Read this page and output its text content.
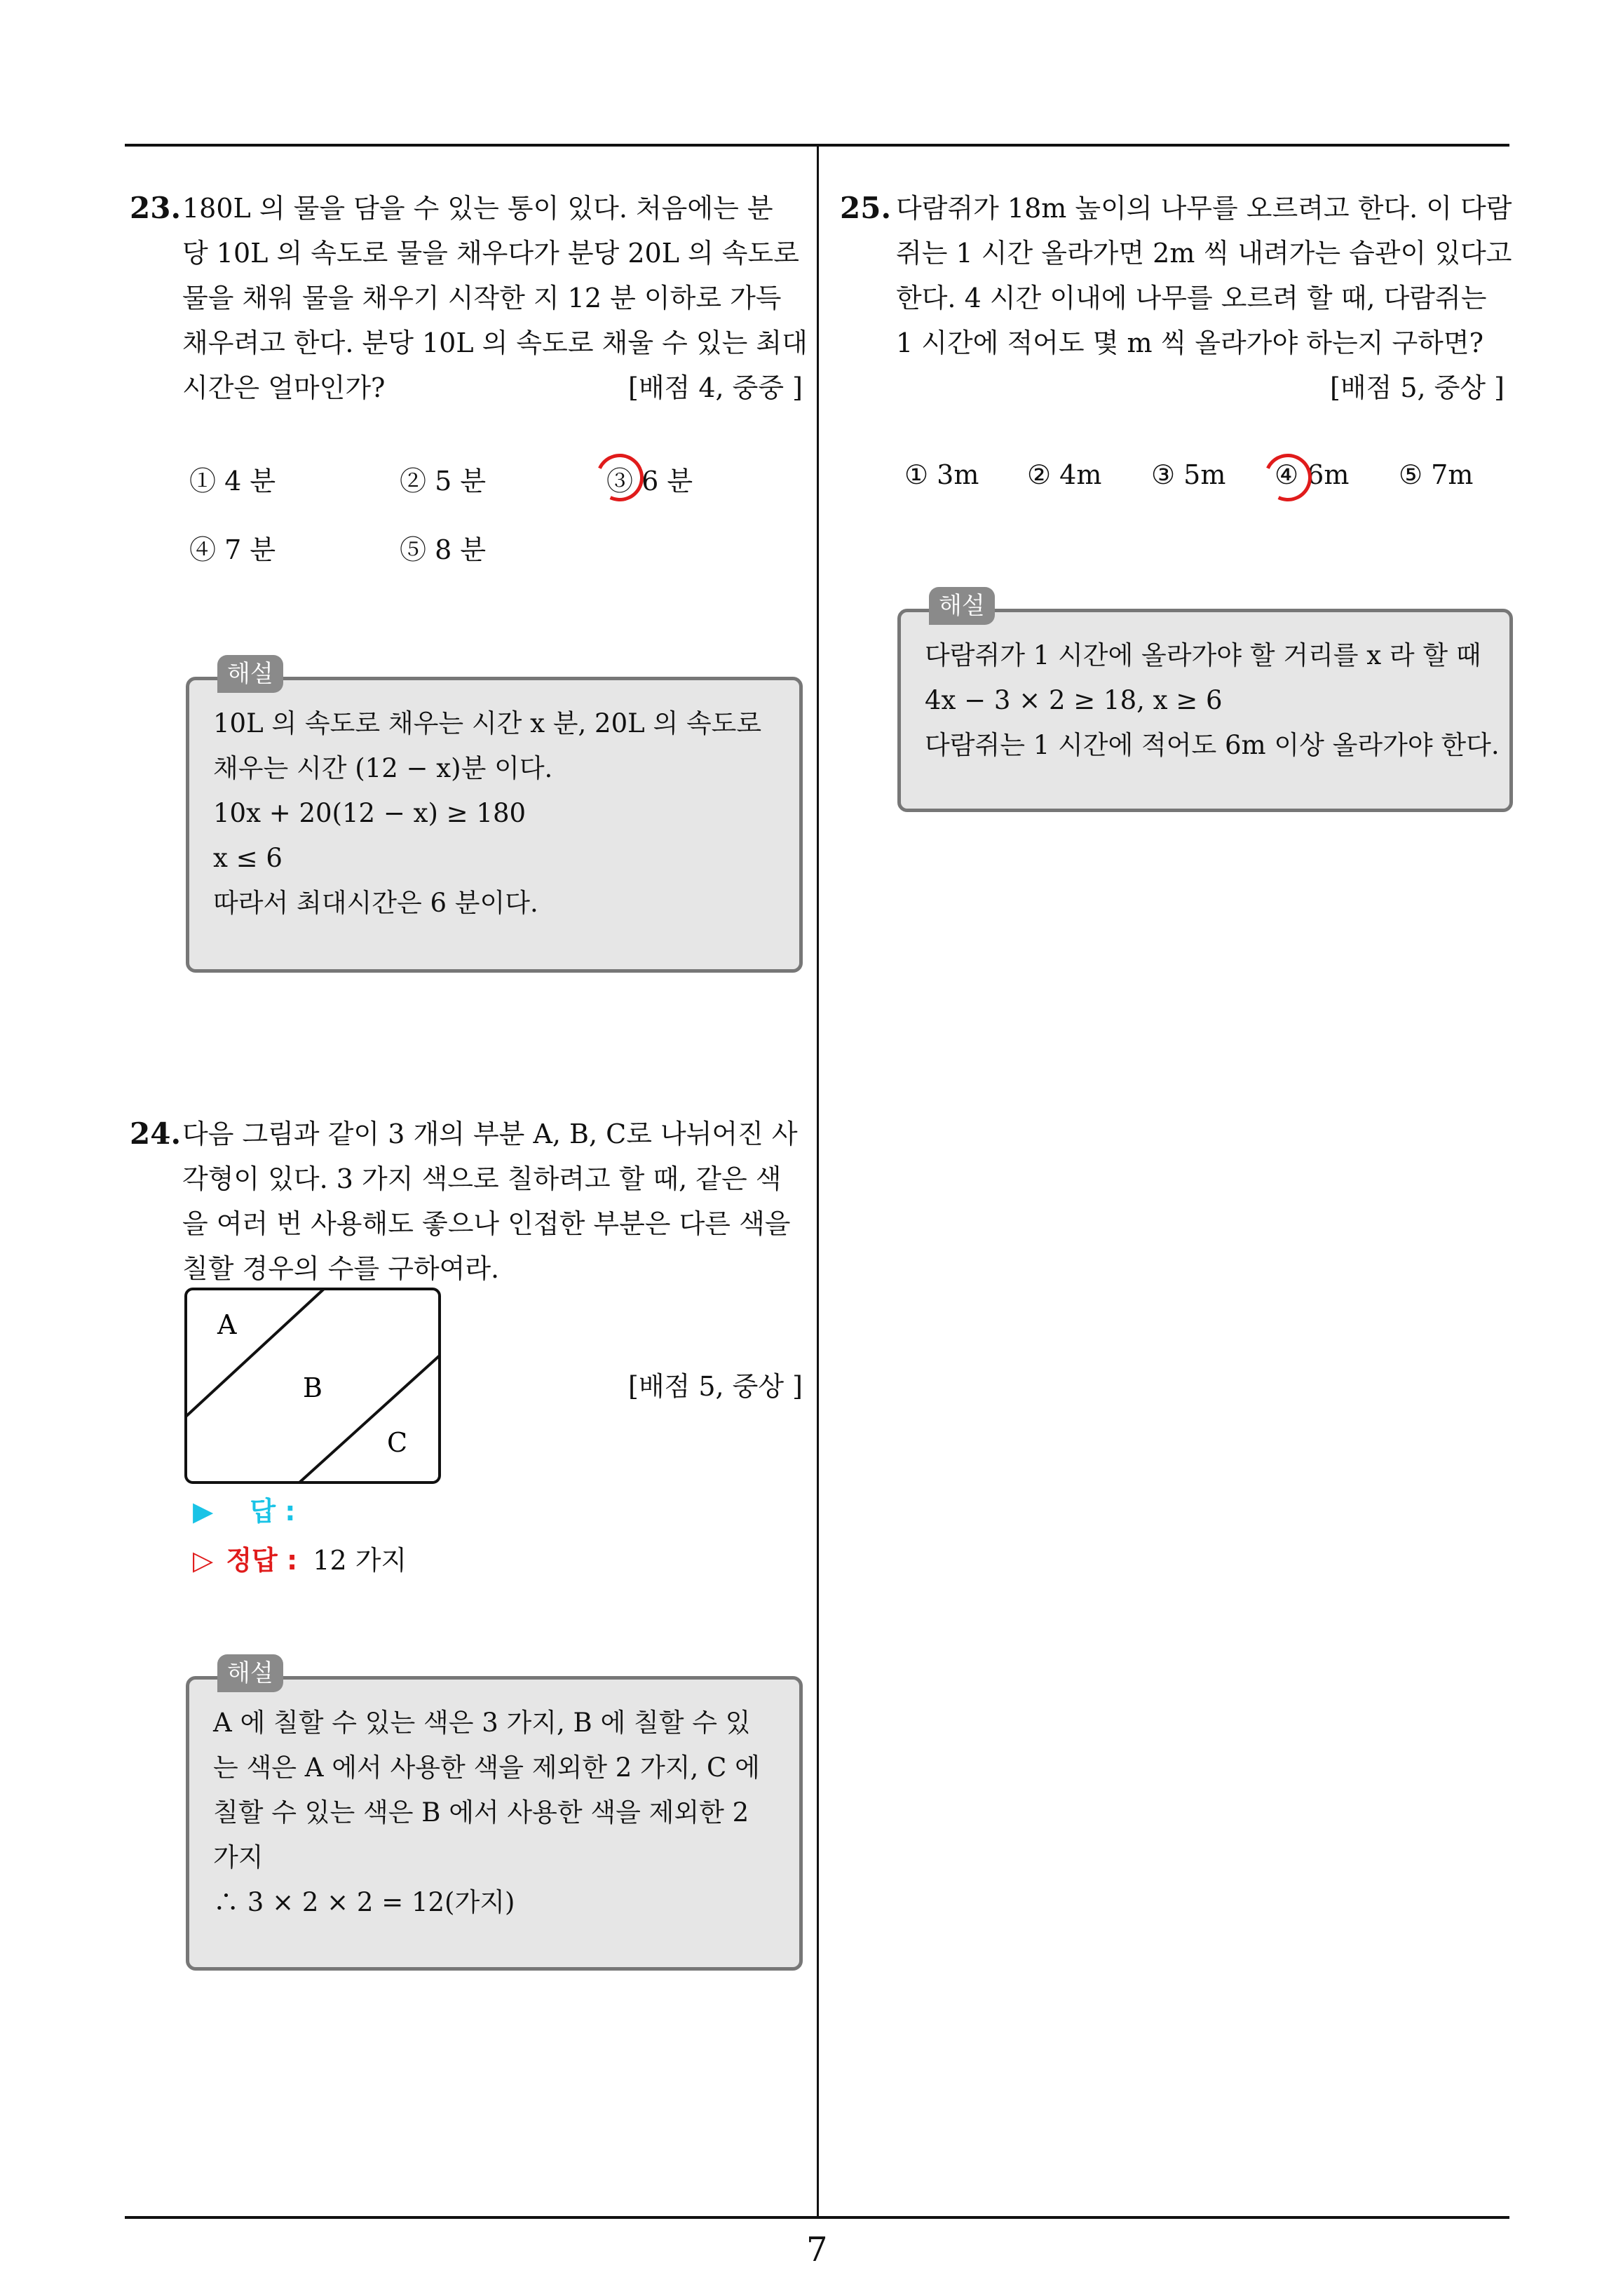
23. 180L 의 물을 담을 수 있는 통이 있다. 처음에는 분
당 10L 의 속도로 물을 채우다가 분당 20L 의 속도로
물을 채워 물을 채우기 시작한 지 12 분 이하로 가득
채우려고 한다. 분당 10L 의 속도로 채울 수 있는 최대
시간은 얼마인가?	[배점 4, 중중 ]
① 4 분	② 5 분	③ 6 분
④ 7 분	⑤ 8 분
해설
10L 의 속도로 채우는 시간 x 분, 20L 의 속도로
채우는 시간 (12 − x)분 이다.
10x + 20(12 − x) ≥ 180
x ≤ 6
따라서 최대시간은 6 분이다.
24. 다음 그림과 같이 3 개의 부분 A, B, C로 나뉘어진 사
각형이 있다. 3 가지 색으로 칠하려고 할 때, 같은 색
을 여러 번 사용해도 좋으나 인접한 부분은 다른 색을
칠할 경우의 수를 구하여라.
A
B
C
[배점 5, 중상 ]
▶ 답 :
▷ 정답 : 12 가지
해설
A 에 칠할 수 있는 색은 3 가지, B 에 칠할 수 있
는 색은 A 에서 사용한 색을 제외한 2 가지, C 에
칠할 수 있는 색은 B 에서 사용한 색을 제외한 2
가지
∴ 3 × 2 × 2 = 12(가지)
25. 다람쥐가 18m 높이의 나무를 오르려고 한다. 이 다람
쥐는 1 시간 올라가면 2m 씩 내려가는 습관이 있다고
한다. 4 시간 이내에 나무를 오르려 할 때, 다람쥐는
1 시간에 적어도 몇 m 씩 올라가야 하는지 구하면?
[배점 5, 중상 ]
① 3m ② 4m ③ 5m ④ 6m ⑤ 7m
해설
다람쥐가 1 시간에 올라가야 할 거리를 x 라 할 때
4x − 3 × 2 ≥ 18, x ≥ 6
다람쥐는 1 시간에 적어도 6m 이상 올라가야 한다.
7
